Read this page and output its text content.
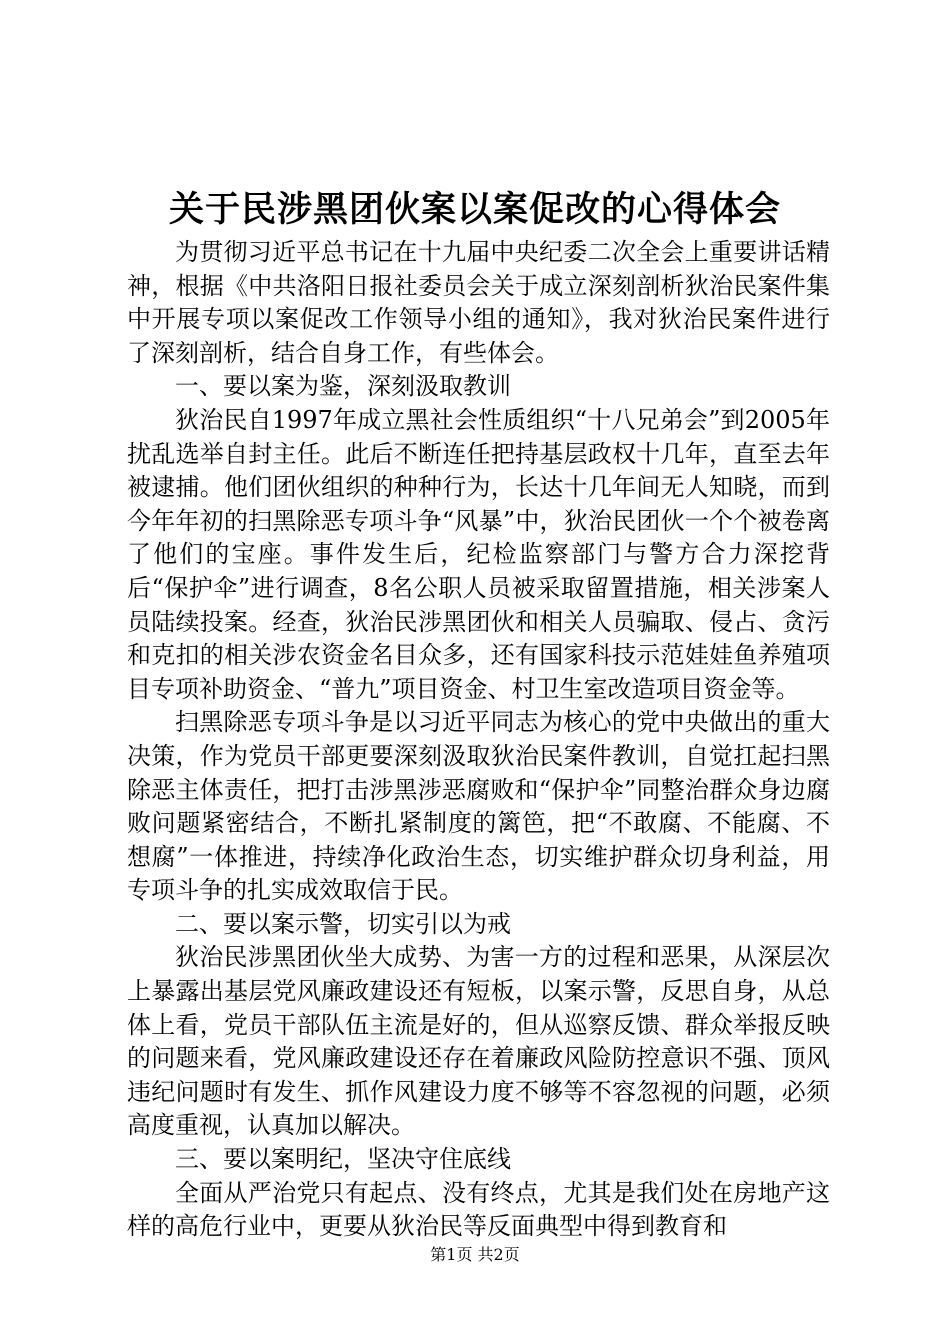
关于民涉黑团伙案以案促改的心得体会

为贯彻习近平总书记在十九届中央纪委二次全会上重要讲话精神，根据《中共洛阳日报社委员会关于成立深刻剖析狄治民案件集中开展专项以案促改工作领导小组的通知》，我对狄治民案件进行了深刻剖析，结合自身工作，有些体会。

一、要以案为鉴，深刻汲取教训

狄治民自1997年成立黑社会性质组织“十八兄弟会”到2005年扰乱选举自封主任。此后不断连任把持基层政权十几年，直至去年被逮捕。他们团伙组织的种种行为，长达十几年间无人知晓，而到今年年初的扫黑除恶专项斗争“风暴”中，狄治民团伙一个个被卷离了他们的宝座。事件发生后，纪检监察部门与警方合力深挖背后“保护伞”进行调查，8名公职人员被采取留置措施，相关涉案人员陆续投案。经查，狄治民涉黑团伙和相关人员骗取、侵占、贪污和克扣的相关涉农资金名目众多，还有国家科技示范娃娃鱼养殖项目专项补助资金、“普九”项目资金、村卫生室改造项目资金等。

扫黑除恶专项斗争是以习近平同志为核心的党中央做出的重大决策，作为党员干部更要深刻汲取狄治民案件教训，自觉扛起扫黑除恶主体责任，把打击涉黑涉恶腐败和“保护伞”同整治群众身边腐败问题紧密结合，不断扎紧制度的篱笆，把“不敢腐、不能腐、不想腐”一体推进，持续净化政治生态，切实维护群众切身利益，用专项斗争的扎实成效取信于民。

二、要以案示警，切实引以为戒

狄治民涉黑团伙坐大成势、为害一方的过程和恶果，从深层次上暴露出基层党风廉政建设还有短板，以案示警，反思自身，从总体上看，党员干部队伍主流是好的，但从巡察反馈、群众举报反映的问题来看，党风廉政建设还存在着廉政风险防控意识不强、顶风违纪问题时有发生、抓作风建设力度不够等不容忽视的问题，必须高度重视，认真加以解决。

三、要以案明纪，坚决守住底线

全面从严治党只有起点、没有终点，尤其是我们处在房地产这样的高危行业中，更要从狄治民等反面典型中得到教育和

第1页 共2页
